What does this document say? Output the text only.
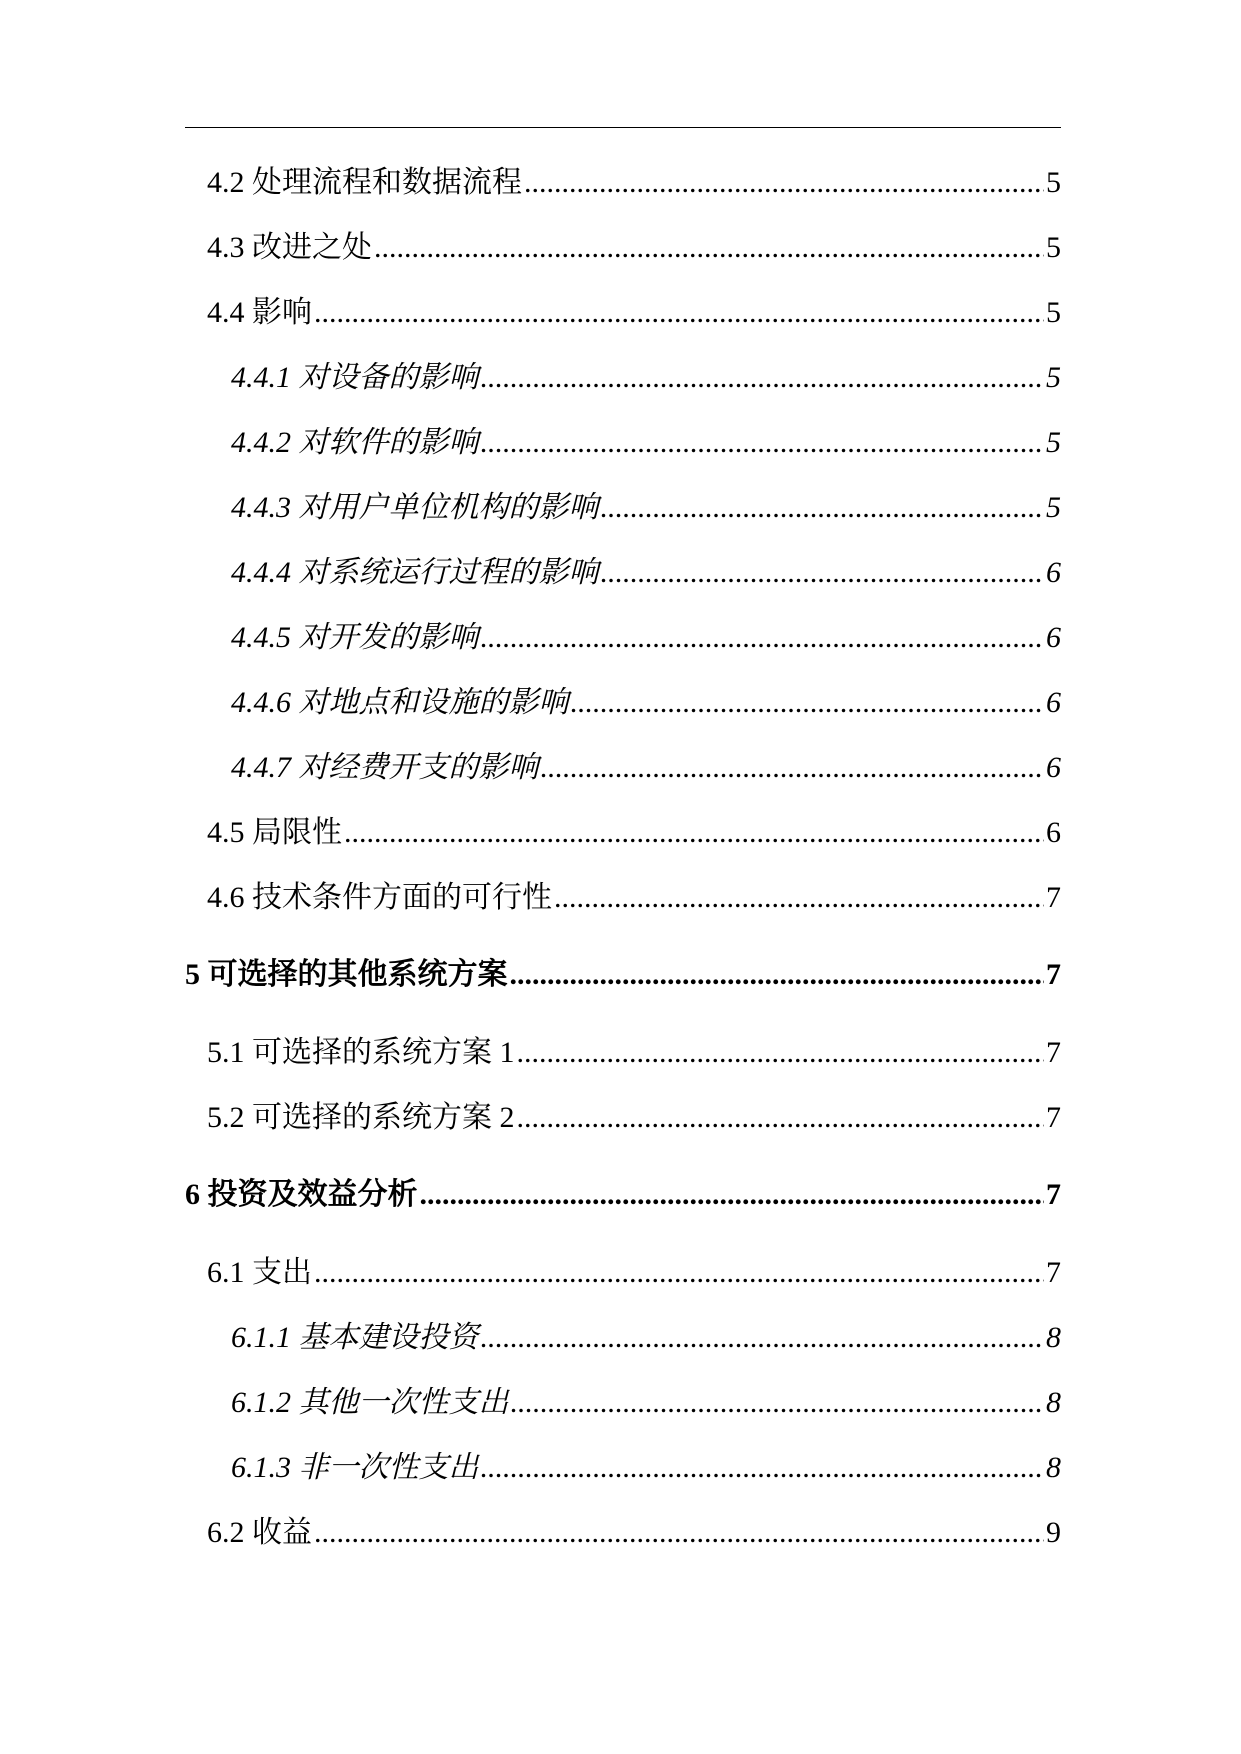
4.2 处理流程和数据流程 .....	5
4.3 改进之处 .....	5
4.4 影响 .....	5
4.4.1 对设备的影响 .....	5
4.4.2 对软件的影响 .....	5
4.4.3 对用户单位机构的影响 .....	5
4.4.4 对系统运行过程的影响 .....	6
4.4.5 对开发的影响 .....	6
4.4.6 对地点和设施的影响 .....	6
4.4.7 对经费开支的影响 .....	6
4.5 局限性 .....	6
4.6 技术条件方面的可行性 .....	7
5 可选择的其他系统方案 .....	7
5.1 可选择的系统方案 1 .....	7
5.2 可选择的系统方案 2 .....	7
6 投资及效益分析 .....	7
6.1 支出 .....	7
6.1.1 基本建设投资 .....	8
6.1.2 其他一次性支出 .....	8
6.1.3 非一次性支出 .....	8
6.2 收益 .....	9
